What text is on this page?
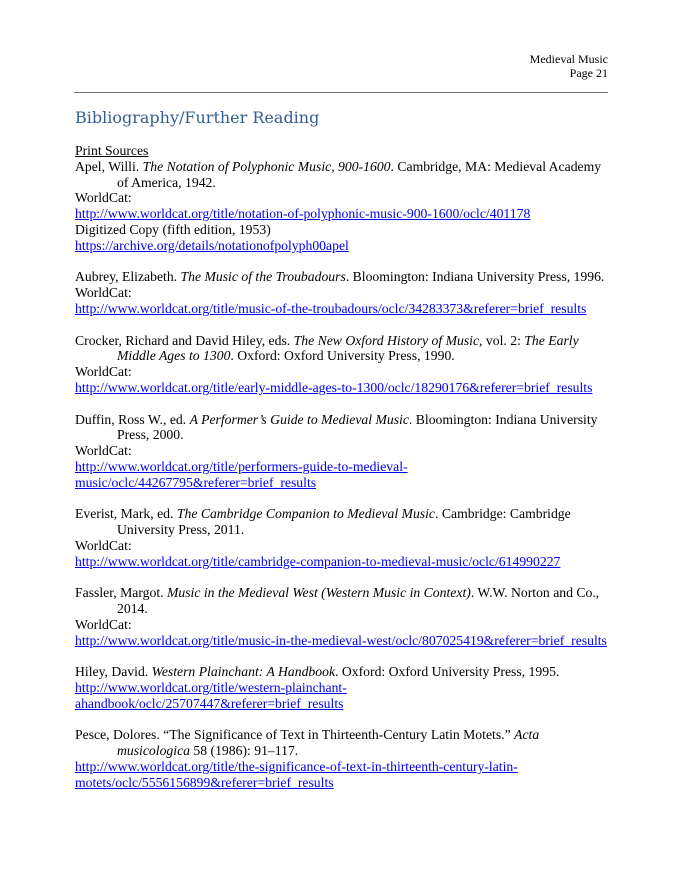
Medieval Music
Page 21
Bibliography/Further Reading
Print Sources
Apel, Willi. The Notation of Polyphonic Music, 900-1600. Cambridge, MA: Medieval Academy of America, 1942.
WorldCat:
http://www.worldcat.org/title/notation-of-polyphonic-music-900-1600/oclc/401178
Digitized Copy (fifth edition, 1953)
https://archive.org/details/notationofpolyph00apel
Aubrey, Elizabeth. The Music of the Troubadours. Bloomington: Indiana University Press, 1996.
WorldCat:
http://www.worldcat.org/title/music-of-the-troubadours/oclc/34283373&referer=brief_results
Crocker, Richard and David Hiley, eds. The New Oxford History of Music, vol. 2: The Early Middle Ages to 1300. Oxford: Oxford University Press, 1990.
WorldCat:
http://www.worldcat.org/title/early-middle-ages-to-1300/oclc/18290176&referer=brief_results
Duffin, Ross W., ed. A Performer’s Guide to Medieval Music. Bloomington: Indiana University Press, 2000.
WorldCat:
http://www.worldcat.org/title/performers-guide-to-medieval-
music/oclc/44267795&referer=brief_results
Everist, Mark, ed. The Cambridge Companion to Medieval Music. Cambridge: Cambridge University Press, 2011.
WorldCat:
http://www.worldcat.org/title/cambridge-companion-to-medieval-music/oclc/614990227
Fassler, Margot. Music in the Medieval West (Western Music in Context). W.W. Norton and Co., 2014.
WorldCat:
http://www.worldcat.org/title/music-in-the-medieval-west/oclc/807025419&referer=brief_results
Hiley, David. Western Plainchant: A Handbook. Oxford: Oxford University Press, 1995.
http://www.worldcat.org/title/western-plainchant-
ahandbook/oclc/25707447&referer=brief_results
Pesce, Dolores. “The Significance of Text in Thirteenth-Century Latin Motets.” Acta musicologica 58 (1986): 91–117.
http://www.worldcat.org/title/the-significance-of-text-in-thirteenth-century-latin-
motets/oclc/5556156899&referer=brief_results
